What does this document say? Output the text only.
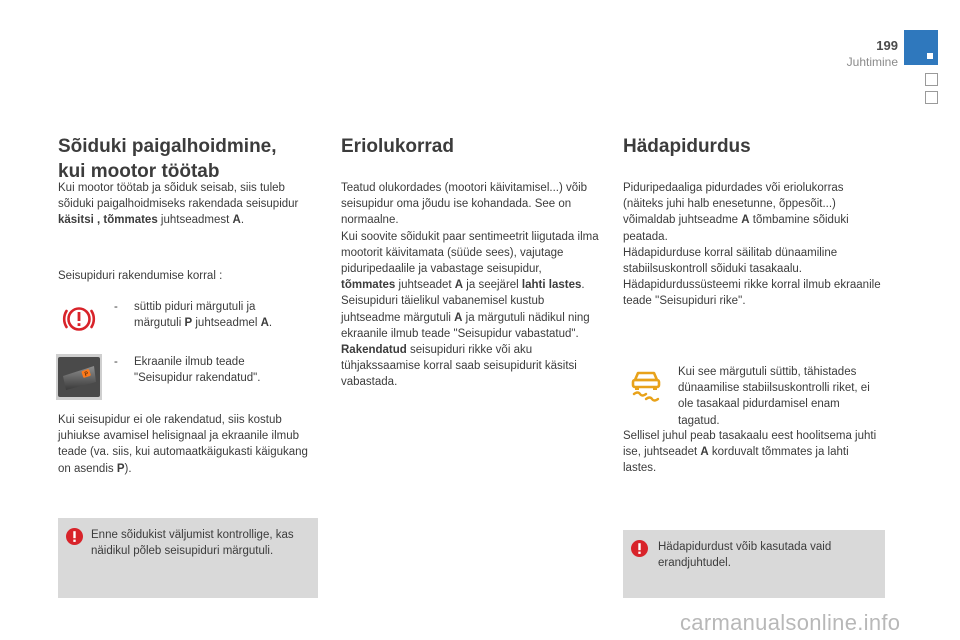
199
Juhtimine
Sõiduki paigalhoidmine,
kui mootor töötab

Kui mootor töötab ja sõiduk seisab, siis tuleb sõiduki paigalhoidmiseks rakendada seisupidur käsitsi , tõmmates juhtseadmest A.

Seisupiduri rakendumise korral :
- süttib piduri märgutuli ja
märgutuli P juhtseadmel A.
P
- Ekraanile ilmub teade
"Seisupidur rakendatud".

Kui seisupidur ei ole rakendatud, siis kostub juhiukse avamisel helisignaal ja ekraanile ilmub teade (va. siis, kui automaatkäigukasti käigukang on asendis P).

Enne sõidukist väljumist kontrollige, kas näidikul põleb seisupiduri märgutuli.
Eriolukorrad

Teatud olukordades (mootori käivitamisel...) võib seisupidur oma jõudu ise kohandada. See on normaalne.

Kui soovite sõidukit paar sentimeetrit liigutada ilma mootorit käivitamata (süüde sees), vajutage piduripedaalile ja vabastage seisupidur, tõmmates juhtseadet A ja seejärel lahti lastes. Seisupiduri täielikul vabanemisel kustub juhtseadme märgutuli A ja märgutuli nädikul ning ekraanile ilmub teade "Seisupidur vabastatud".

Rakendatud seisupiduri rikke või aku tühjakssaamise korral saab seisupidurit käsitsi vabastada.

Hädapidurdus

Piduripedaaliga pidurdades või eriolukorras (näiteks juhi halb enesetunne, õppesõit...) võimaldab juhtseadme A tõmbamine sõiduki peatada.

Hädapidurduse korral säilitab dünaamiline stabiilsuskontroll sõiduki tasakaalu.

Hädapidurdussüsteemi rikke korral ilmub ekraanile teade ''Seisupiduri rike''.

Kui see märgutuli süttib, tähistades dünaamilise stabiilsuskontrolli riket, ei ole tasakaal pidurdamisel enam tagatud.

Sellisel juhul peab tasakaalu eest hoolitsema juhti ise, juhtseadet A korduvalt tõmmates ja lahti lastes.

Hädapidurdust võib kasutada vaid erandjuhtudel.
carmanualsonline.info
